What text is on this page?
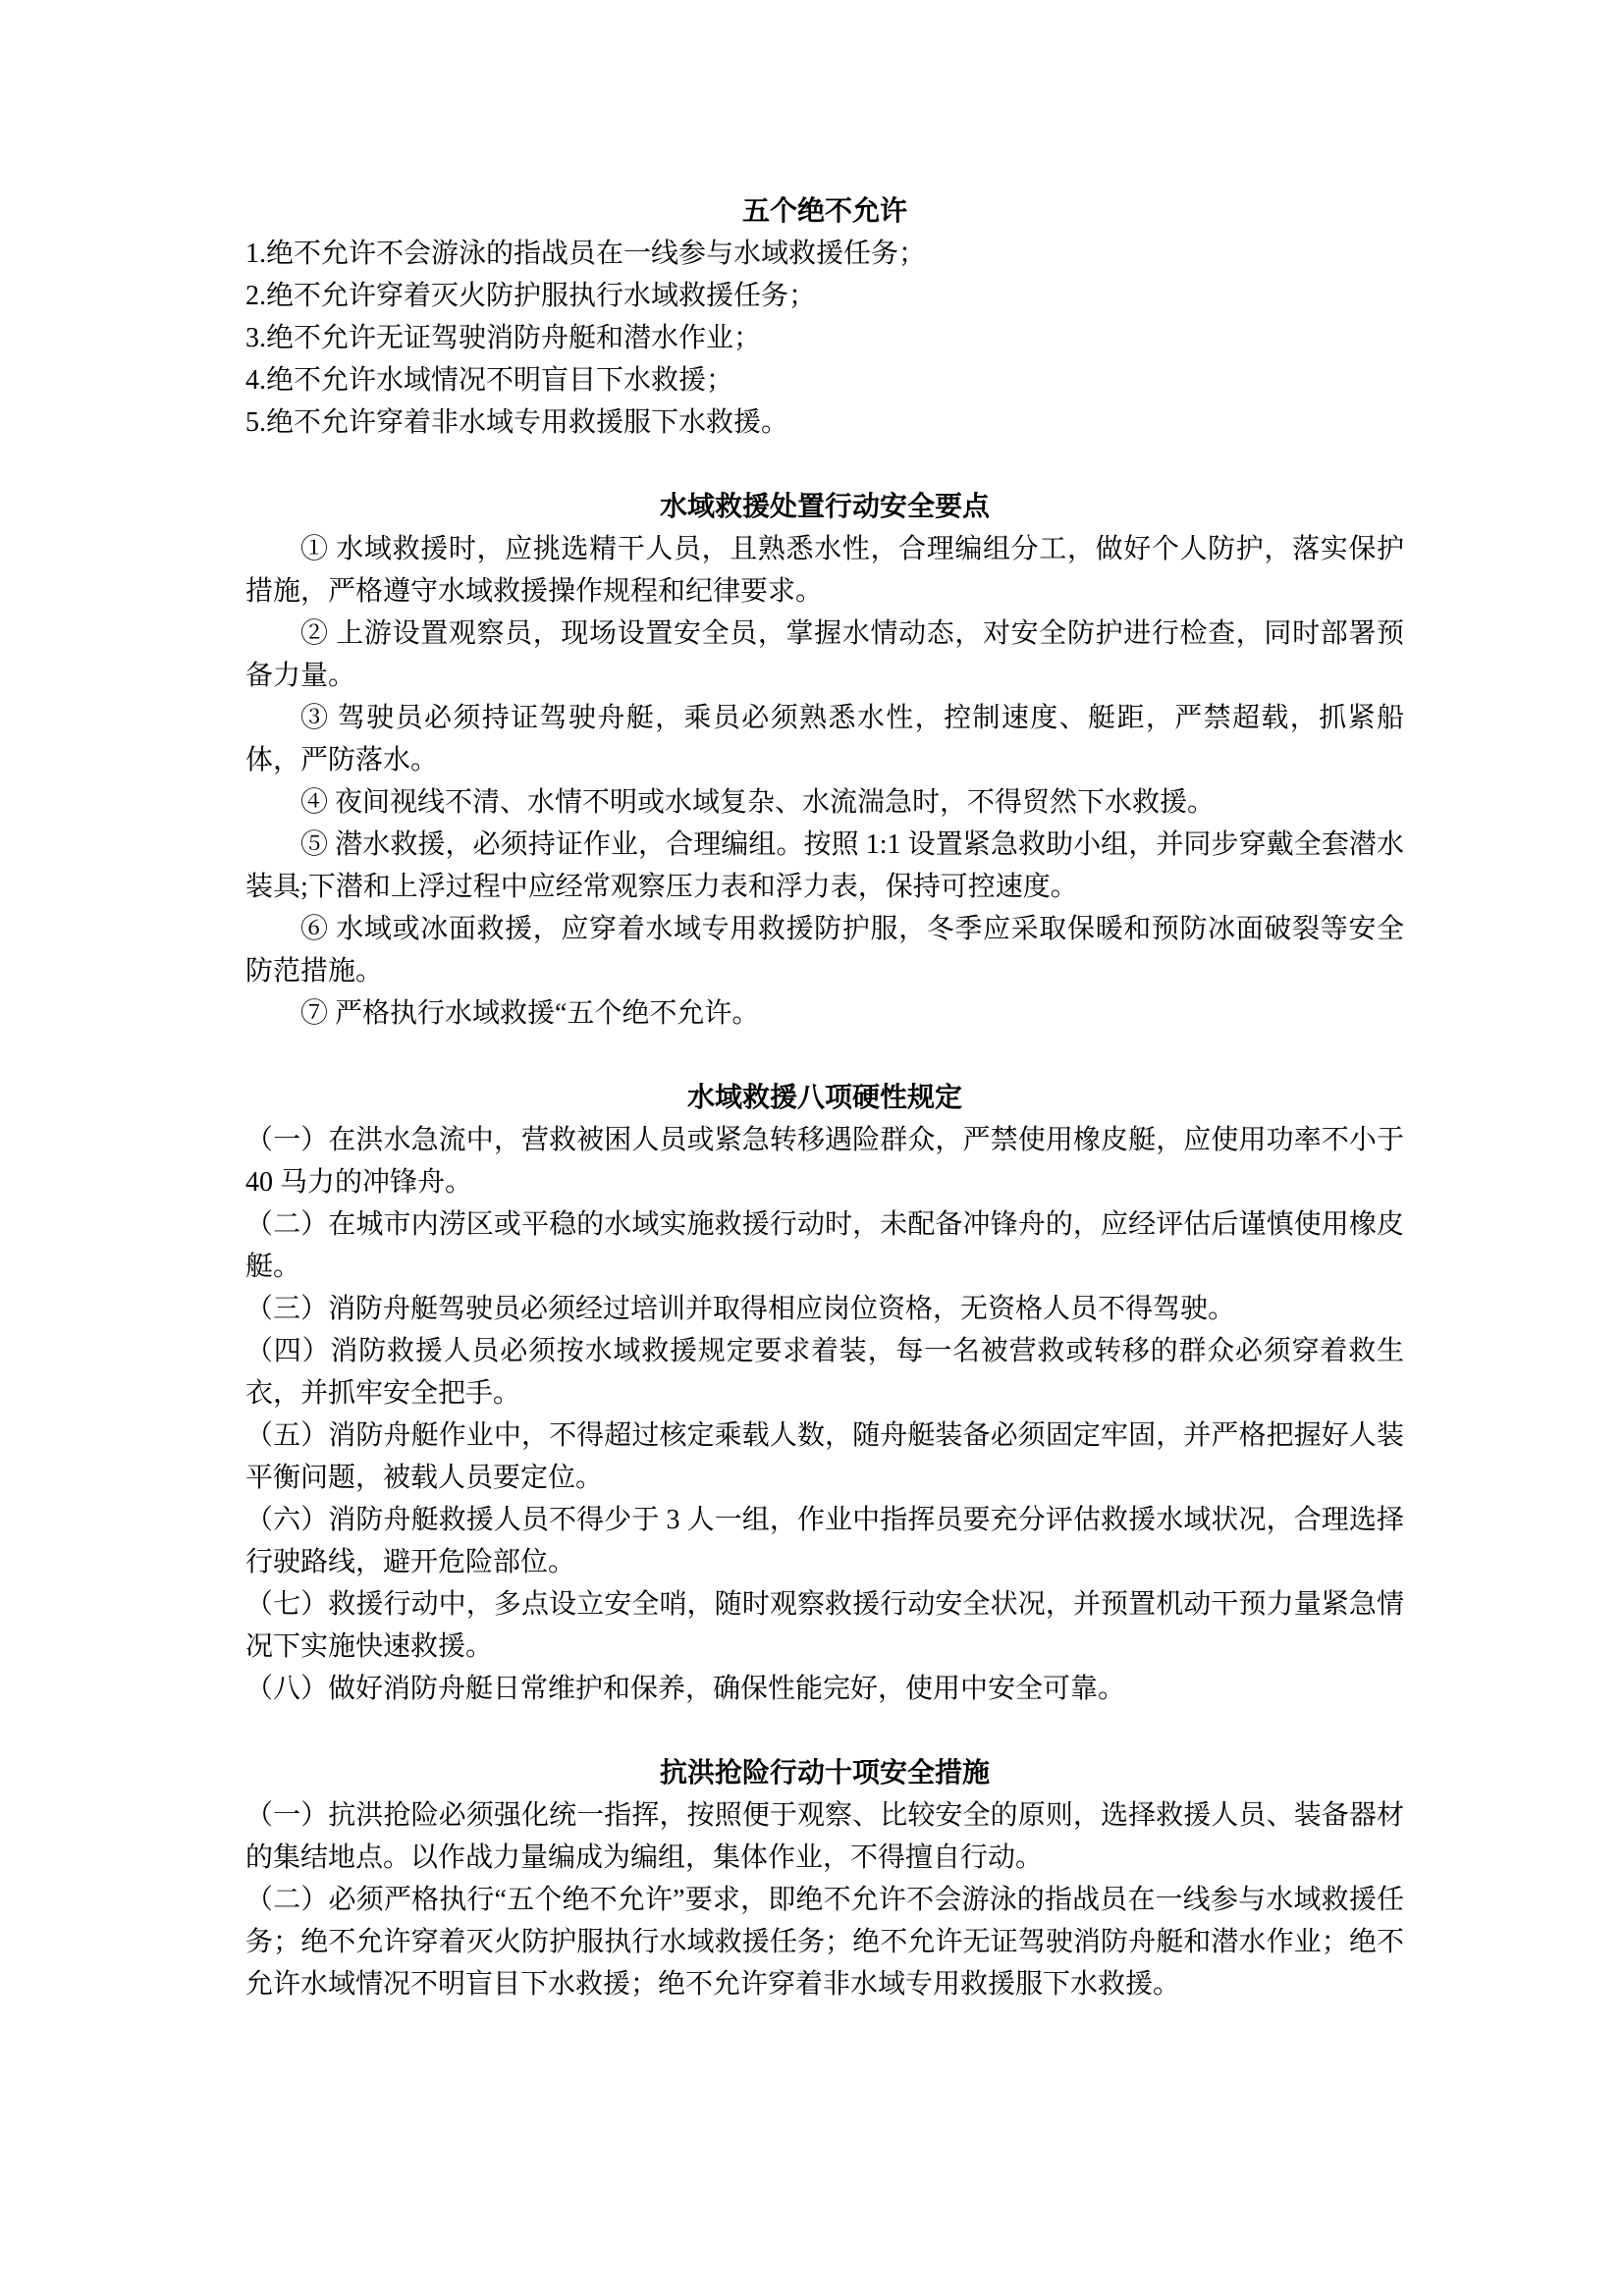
五个绝不允许

1.绝不允许不会游泳的指战员在一线参与水域救援任务；

2.绝不允许穿着灭火防护服执行水域救援任务；

3.绝不允许无证驾驶消防舟艇和潜水作业；

4.绝不允许水域情况不明盲目下水救援；

5.绝不允许穿着非水域专用救援服下水救援。

水域救援处置行动安全要点

① 水域救援时，应挑选精干人员，且熟悉水性，合理编组分工，做好个人防护，落实保护措施，严格遵守水域救援操作规程和纪律要求。

② 上游设置观察员，现场设置安全员，掌握水情动态，对安全防护进行检查，同时部署预备力量。

③ 驾驶员必须持证驾驶舟艇，乘员必须熟悉水性，控制速度、艇距，严禁超载，抓紧船体，严防落水。

④ 夜间视线不清、水情不明或水域复杂、水流湍急时，不得贸然下水救援。

⑤ 潜水救援，必须持证作业，合理编组。按照 1:1 设置紧急救助小组，并同步穿戴全套潜水装具;下潜和上浮过程中应经常观察压力表和浮力表，保持可控速度。

⑥ 水域或冰面救援，应穿着水域专用救援防护服，冬季应采取保暖和预防冰面破裂等安全防范措施。

⑦ 严格执行水域救援“五个绝不允许。

水域救援八项硬性规定

（一）在洪水急流中，营救被困人员或紧急转移遇险群众，严禁使用橡皮艇，应使用功率不小于 40 马力的冲锋舟。

（二）在城市内涝区或平稳的水域实施救援行动时，未配备冲锋舟的，应经评估后谨慎使用橡皮艇。

（三）消防舟艇驾驶员必须经过培训并取得相应岗位资格，无资格人员不得驾驶。

（四）消防救援人员必须按水域救援规定要求着装，每一名被营救或转移的群众必须穿着救生衣，并抓牢安全把手。

（五）消防舟艇作业中，不得超过核定乘载人数，随舟艇装备必须固定牢固，并严格把握好人装平衡问题，被载人员要定位。

（六）消防舟艇救援人员不得少于 3 人一组，作业中指挥员要充分评估救援水域状况，合理选择行驶路线，避开危险部位。

（七）救援行动中，多点设立安全哨，随时观察救援行动安全状况，并预置机动干预力量紧急情况下实施快速救援。

（八）做好消防舟艇日常维护和保养，确保性能完好，使用中安全可靠。

抗洪抢险行动十项安全措施

（一）抗洪抢险必须强化统一指挥，按照便于观察、比较安全的原则，选择救援人员、装备器材的集结地点。以作战力量编成为编组，集体作业，不得擅自行动。

（二）必须严格执行“五个绝不允许”要求，即绝不允许不会游泳的指战员在一线参与水域救援任务；绝不允许穿着灭火防护服执行水域救援任务；绝不允许无证驾驶消防舟艇和潜水作业；绝不允许水域情况不明盲目下水救援；绝不允许穿着非水域专用救援服下水救援。
